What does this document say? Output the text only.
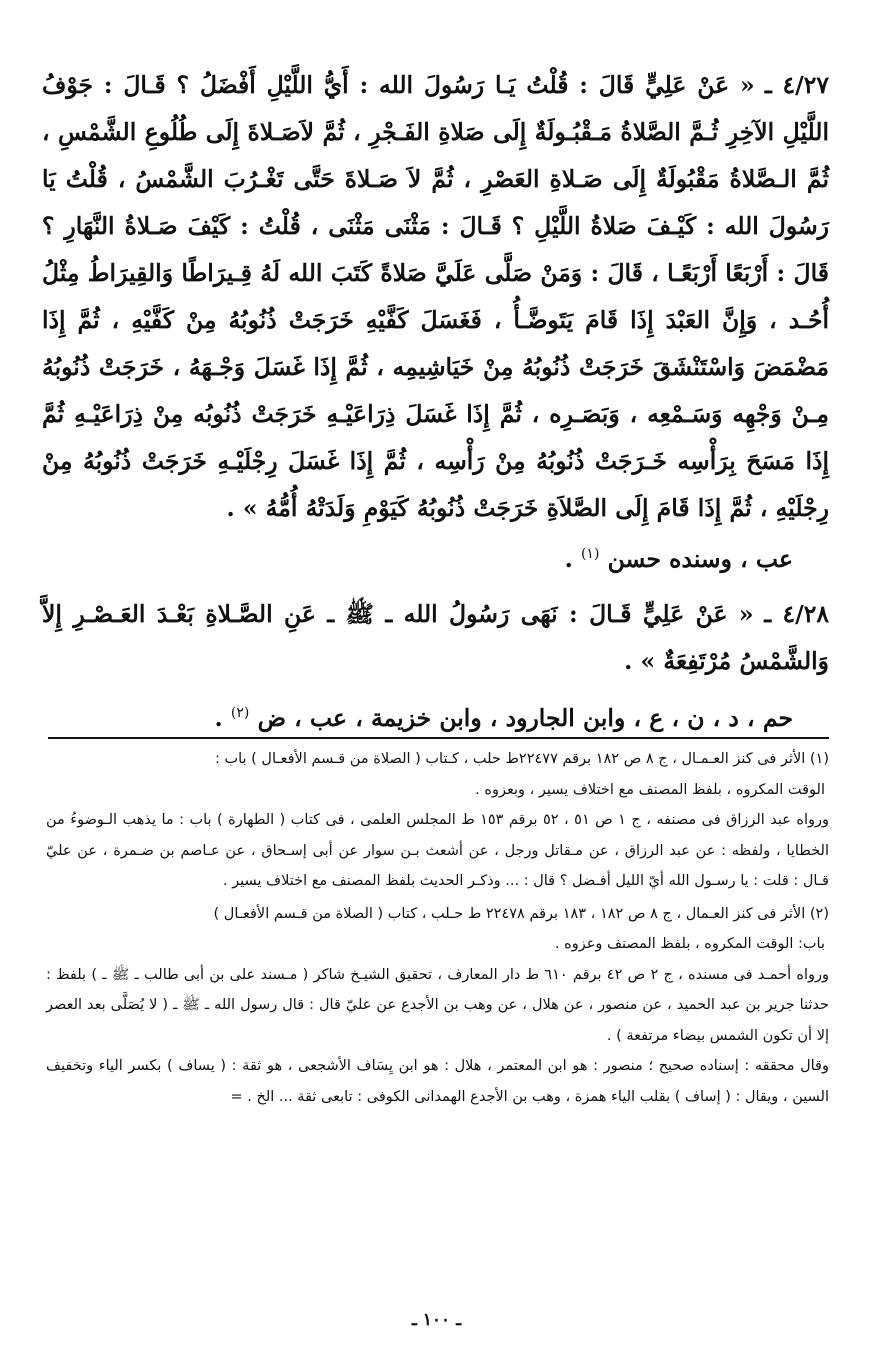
٤/٢٧ ـ « عَنْ عَلِيٍّ قَالَ : قُلْتُ يَـا رَسُولَ الله : أَيُّ اللَّيْلِ أَفْضَلُ ؟ قَـالَ : جَوْفُ اللَّيْلِ الآخِرِ ثُـمَّ الصَّلاةُ مَـقْبُـولَةٌ إِلَى صَلاةِ الفَـجْرِ ، ثُمَّ لاَصَـلاةَ إِلَى طُلُوعِ الشَّمْسِ ، ثُمَّ الـصَّلاةُ مَقْبُولَةٌ إِلَى صَـلاةِ العَصْرِ ، ثُمَّ لاَ صَـلاةَ حَتَّى تَغْـرُبَ الشَّمْسُ ، قُلْتُ يَا رَسُولَ الله : كَيْـفَ صَلاةُ اللَّيْلِ ؟ قَـالَ : مَثْنَى مَثْنَى ، قُلْتُ : كَيْفَ صَـلاةُ النَّهَارِ ؟قَالَ : أَرْبَعًا أَرْبَعًـا ، قَالَ : وَمَنْ صَلَّى عَلَيَّ صَلاةً كَتَبَ الله لَهُ قِـيرَاطًا وَالقِيرَاطُ مِثْلُ أُحُـد ، وَإِنَّ العَبْدَ إِذَا قَامَ يَتَوضَّـأُ ، فَغَسَلَ كَفَّيْهِ خَرَجَتْ ذُنُوبُهُ مِنْ كَفَّيْهِ ، ثُمَّ إِذَا مَضْمَضَ وَاسْتَنْشَقَ خَرَجَتْ ذُنُوبُهُ مِنْ خَيَاشِيمِه ، ثُمَّ إِذَا غَسَلَ وَجْـهَهُ ، خَرَجَتْ ذُنُوبُهُ مِـنْ وَجْهِه وَسَـمْعِه ، وَبَصَـرِه ، ثُمَّ إِذَا غَسَلَ ذِرَاعَيْـهِ خَرَجَتْ ذُنُوبُه مِنْ ذِرَاعَيْـهِ ثُمَّ إِذَا مَسَحَ بِرَأْسِه خَـرَجَتْ ذُنُوبُهُ مِنْ رَأْسِه ، ثُمَّ إِذَا غَسَلَ رِجْلَيْـهِ خَرَجَتْ ذُنُوبُهُ مِنْ رِجْلَيْهِ ، ثُمَّ إِذَا قَامَ إِلَى الصَّلاَةِ خَرَجَتْ ذُنُوبُهُ كَيَوْمِ وَلَدَتْهُ أُمُّهُ » .

عب ، وسنده حسن $^{(١)}$ .

٤/٢٨ ـ « عَنْ عَلِيٍّ قَـالَ : نَهَى رَسُولُ الله ـ ﷺ ـ عَنِ الصَّـلاةِ بَعْـدَ العَـصْـرِ إِلاَّ وَالشَّمْسُ مُرْتَفِعَةٌ » .

حم ، د ، ن ، ع ، وابن الجارود ، وابن خزيمة ، عب ، ض $^{(٢)}$ .

(١) الأثر فى كنز العـمـال ، ج ٨ ص ١٨٢ برقم ٢٢٤٧٧ط حلب ، كـتاب ( الصلاة من قـسم الأفعـال ) باب :

الوقت المكروه ، بلفظ المصنف مع اختلاف يسير ، وبعزوه .

ورواه عبد الرزاق فى مصنفه ، ج ١ ص ٥١ ، ٥٢ برقم ١٥٣ ط المجلس العلمى ، فى كتاب ( الطهارة ) باب : ما يذهب الـوضوءُ من الخطايا ، ولفظه : عن عبد الرزاق ، عن مـقاتل ورجل ، عن أشعث بـن سوار عن أبى إسـحاق ، عن عـاصم بن ضـمرة ، عن عليّ قـال : قلت : يا رسـول الله أيّ الليل أفـضل ؟ قال : ... وذكـر الحديث بلفظ المصنف مع اختلاف يسير .

(٢) الأثر فى كنز العـمال ، ج ٨ ص ١٨٢ ، ١٨٣ برقم ٢٢٤٧٨ ط حـلب ، كتاب ( الصلاة من قـسم الأفعـال )

باب: الوقت المكروه ، بلفظ المصنف وعزوه .

ورواه أحمـد فى مسنده ، ج ٢ ص ٤٢ برقم ٦١٠ ط دار المعارف ، تحقيق الشيـخ شاكر ( مـسند على بن أبى طالب ـ ﷺ ـ ) بلفظ : حدثنا جرير بن عبد الحميد ، عن منصور ، عن هلال ، عن وهب بن الأجدع عن عليّ قال : قال رسول الله ـ ﷺ ـ ( لا يُصَلَّى بعد العصر إلا أن تكون الشمس بيضاء مرتفعة ) .

وقال محققه : إسناده صحيح ؛ منصور : هو ابن المعتمر ، هلال : هو ابن يِسَاف الأشجعى ، هو ثقة : ( يساف ) بكسر الياء وتخفيف السين ، ويقال : ( إساف ) بقلب الياء همزة ، وهب بن الأجدع الهمدانى الكوفى : تابعى ثقة ... الخ . =

ـ ١٠٠ ـ
